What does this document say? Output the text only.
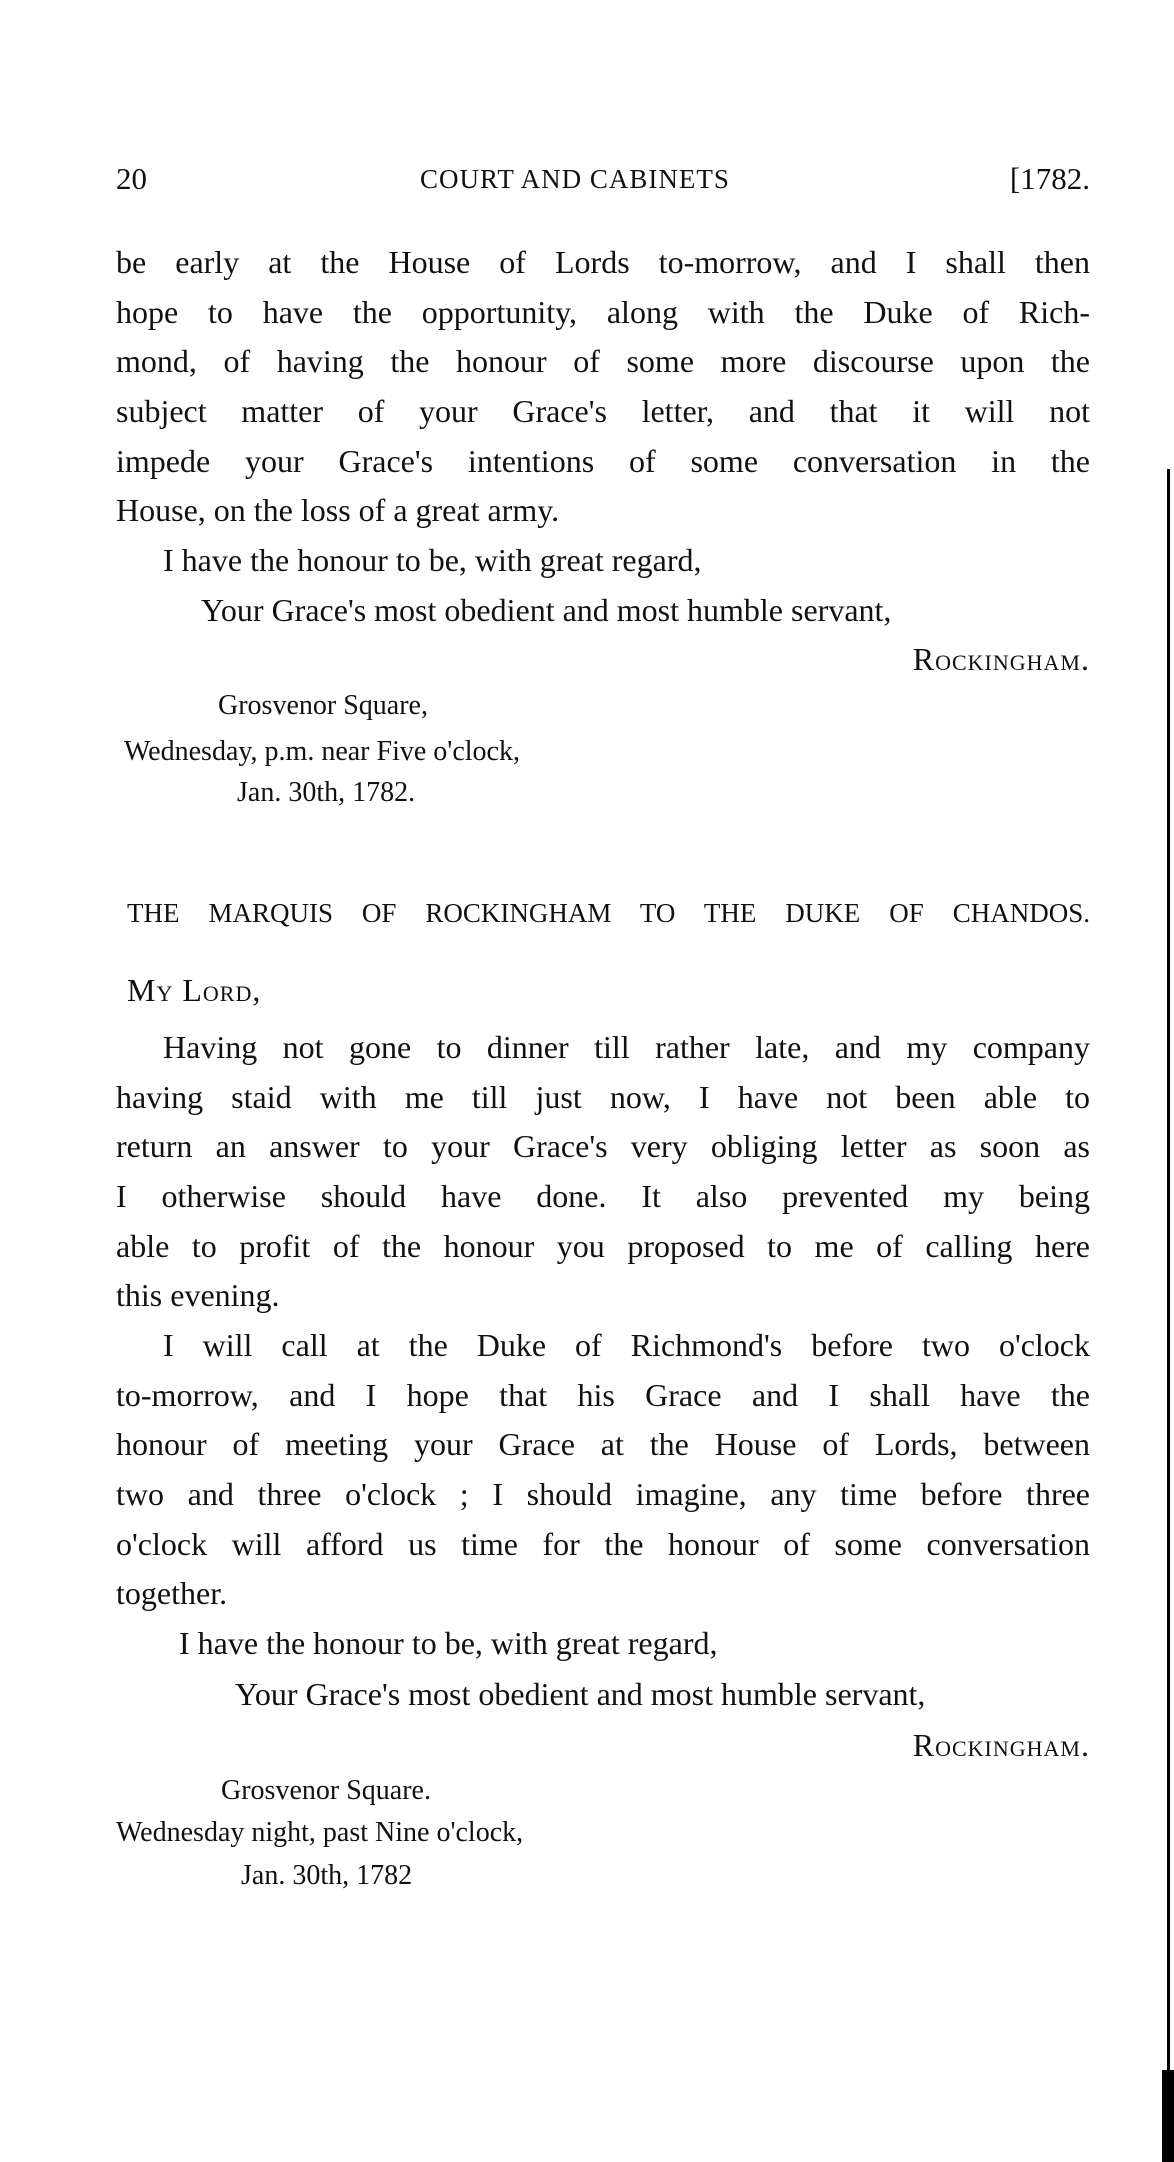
20	COURT AND CABINETS	[1782.
be early at the House of Lords to-morrow, and I shall then
hope to have the opportunity, along with the Duke of Rich-
mond, of having the honour of some more discourse upon the
subject matter of your Grace's letter, and that it will not
impede your Grace's intentions of some conversation in the
House, on the loss of a great army.
I have the honour to be, with great regard,
Your Grace's most obedient and most humble servant,
Rockingham.
Grosvenor Square,
Wednesday, p.m. near Five o'clock,
Jan. 30th, 1782.
THE MARQUIS OF ROCKINGHAM TO THE DUKE OF CHANDOS.
My Lord,
Having not gone to dinner till rather late, and my company
having staid with me till just now, I have not been able to
return an answer to your Grace's very obliging letter as soon as
I otherwise should have done. It also prevented my being
able to profit of the honour you proposed to me of calling here
this evening.
I will call at the Duke of Richmond's before two o'clock
to-morrow, and I hope that his Grace and I shall have the
honour of meeting your Grace at the House of Lords, between
two and three o'clock ; I should imagine, any time before three
o'clock will afford us time for the honour of some conversation
together.
I have the honour to be, with great regard,
Your Grace's most obedient and most humble servant,
Rockingham.
Grosvenor Square.
Wednesday night, past Nine o'clock,
Jan. 30th, 1782
